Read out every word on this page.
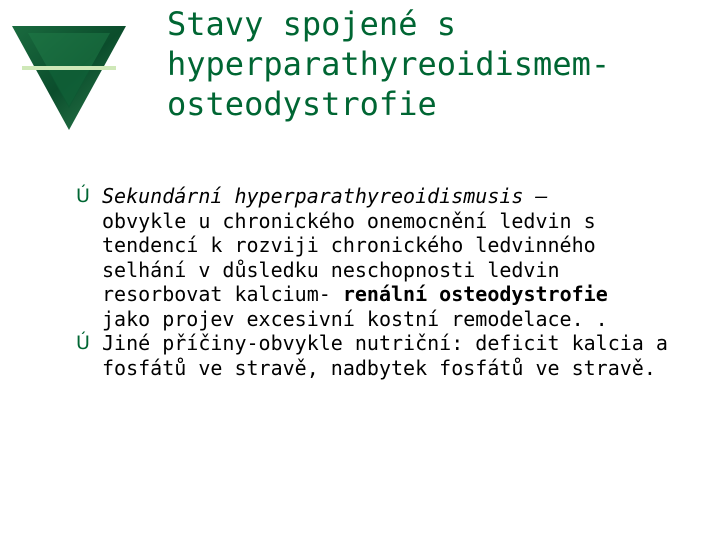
Stavy spojené s
hyperparathyreoidismem-
osteodystrofie
Ú Sekundární hyperparathyreoidismusis –
obvykle u chronického onemocnění ledvin s
tendencí k rozviji chronického ledvinného
selhání v důsledku neschopnosti ledvin
resorbovat kalcium- renální osteodystrofie
jako projev excesivní kostní remodelace. .
Ú Jiné příčiny-obvykle nutriční: deficit kalcia a
fosfátů ve stravě, nadbytek fosfátů ve stravě.
